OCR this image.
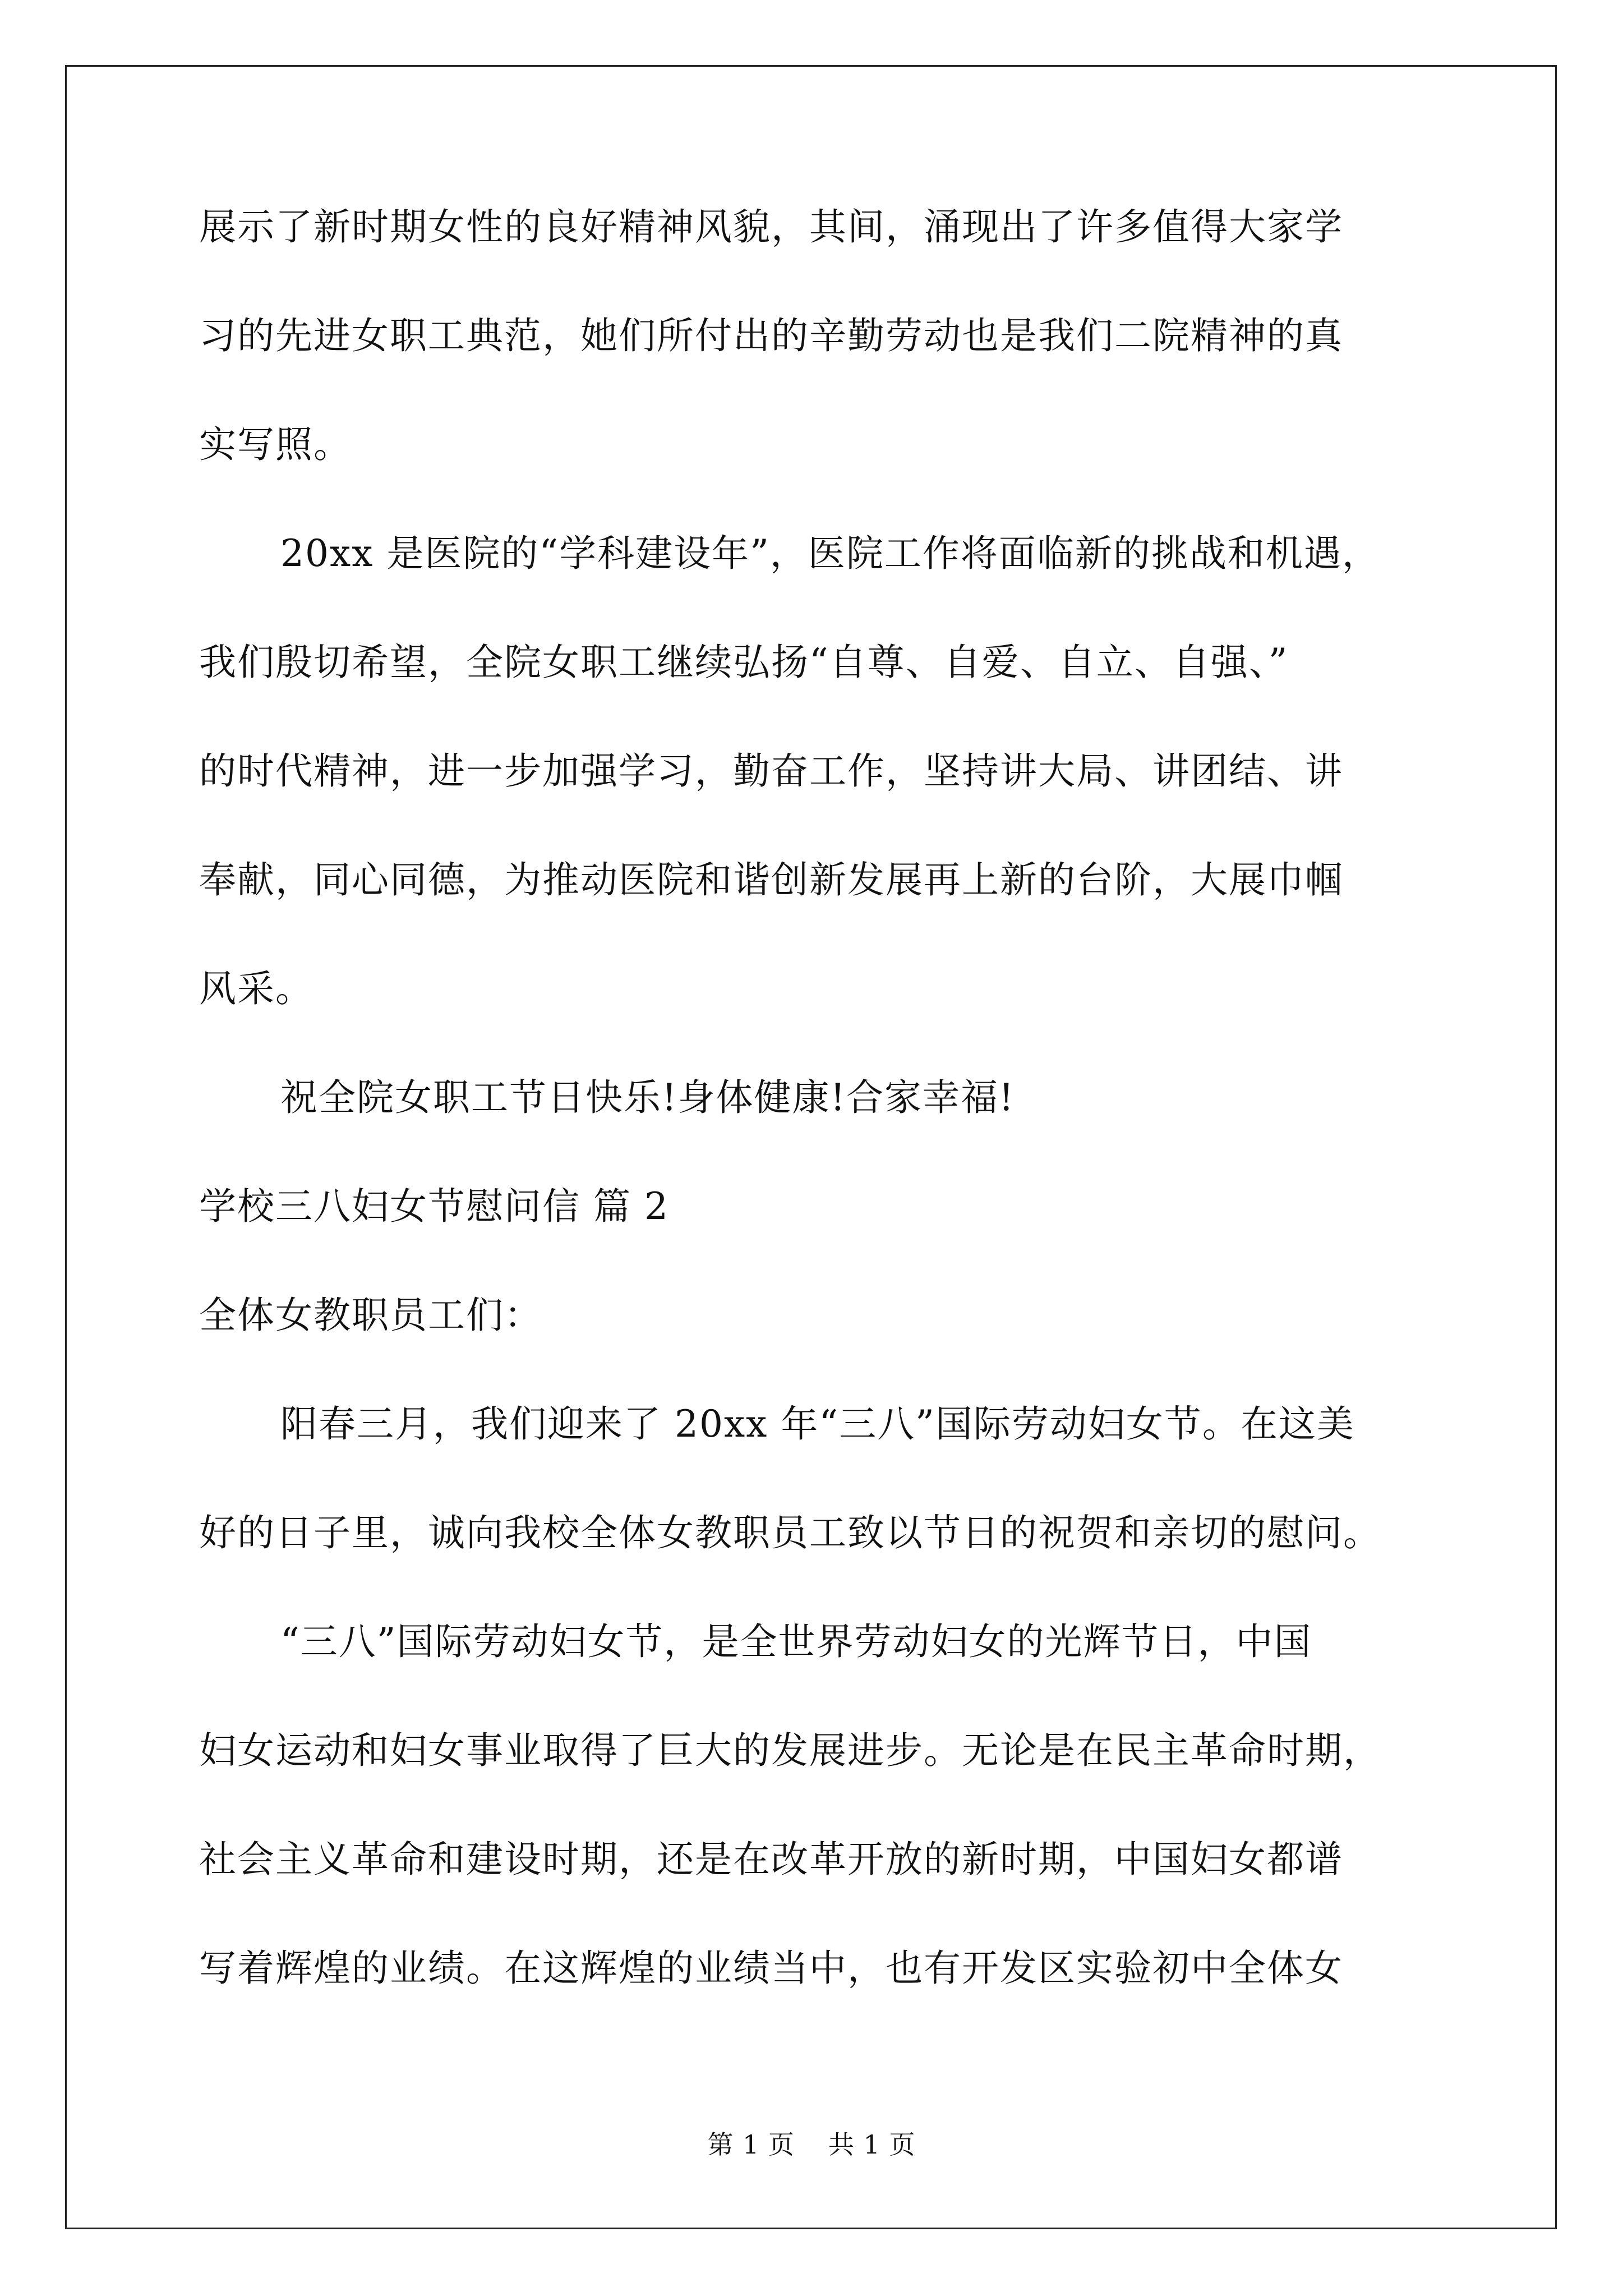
展示了新时期女性的良好精神风貌，其间，涌现出了许多值得大家学

习的先进女职工典范，她们所付出的辛勤劳动也是我们二院精神的真

实写照。

20xx 是医院的“学科建设年”，医院工作将面临新的挑战和机遇，

我们殷切希望，全院女职工继续弘扬“自尊、自爱、自立、自强、”

的时代精神，进一步加强学习，勤奋工作，坚持讲大局、讲团结、讲

奉献，同心同德，为推动医院和谐创新发展再上新的台阶，大展巾帼

风采。

祝全院女职工节日快乐!身体健康!合家幸福!

学校三八妇女节慰问信 篇 2

全体女教职员工们：

阳春三月，我们迎来了 20xx 年“三八”国际劳动妇女节。在这美

好的日子里，诚向我校全体女教职员工致以节日的祝贺和亲切的慰问。

“三八”国际劳动妇女节，是全世界劳动妇女的光辉节日，中国

妇女运动和妇女事业取得了巨大的发展进步。无论是在民主革命时期，

社会主义革命和建设时期，还是在改革开放的新时期，中国妇女都谱

写着辉煌的业绩。在这辉煌的业绩当中，也有开发区实验初中全体女

第 1 页 共 1 页
